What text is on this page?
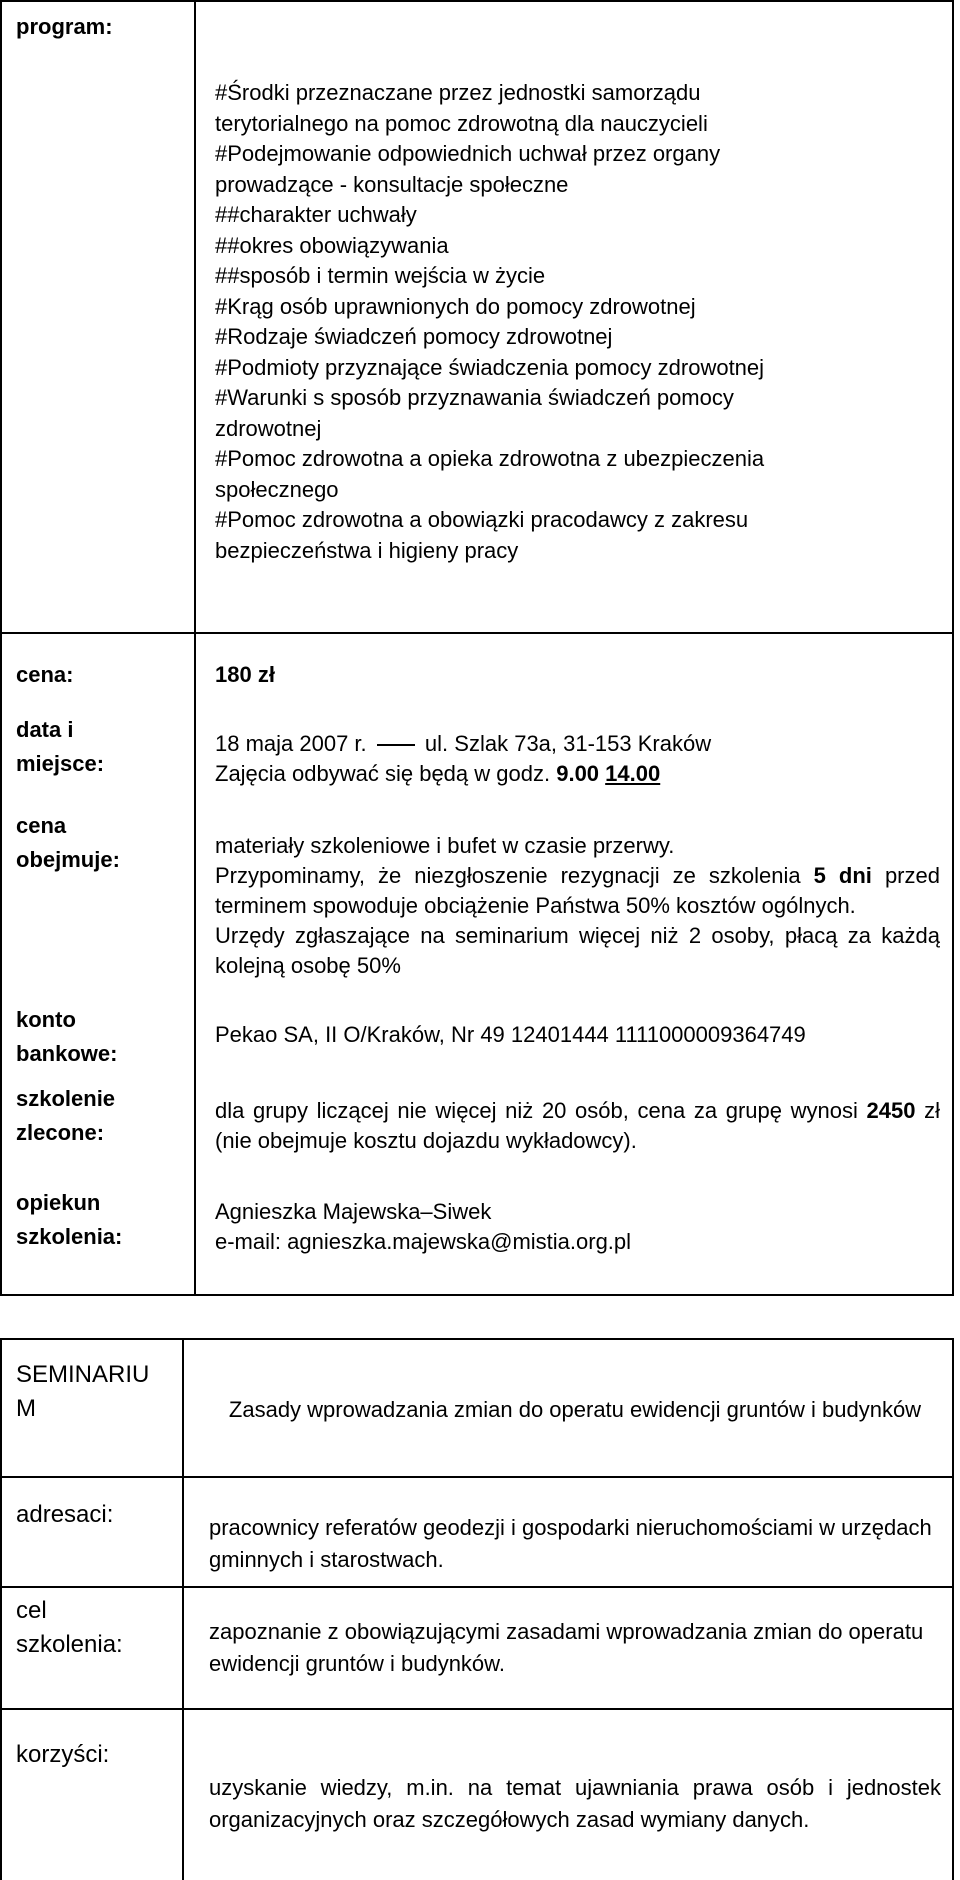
program:
#Środki przeznaczane przez jednostki samorządu
terytorialnego na pomoc zdrowotną dla nauczycieli
#Podejmowanie odpowiednich uchwał przez organy
prowadzące - konsultacje społeczne
##charakter uchwały
##okres obowiązywania
##sposób i termin wejścia w życie
#Krąg osób uprawnionych do pomocy zdrowotnej
#Rodzaje świadczeń pomocy zdrowotnej
#Podmioty przyznające świadczenia pomocy zdrowotnej
#Warunki s sposób przyznawania świadczeń pomocy
zdrowotnej
#Pomoc zdrowotna a opieka zdrowotna z ubezpieczenia
społecznego
#Pomoc zdrowotna a obowiązki pracodawcy z zakresu
bezpieczeństwa i higieny pracy
cena:	180 zł
data i
miejsce:
18 maja 2007 r.	ul. Szlak 73a, 31-153 Kraków
Zajęcia odbywać się będą w godz. 9.00 14.00
cena
obejmuje:
materiały szkoleniowe i bufet w czasie przerwy.
Przypominamy, że niezgłoszenie rezygnacji ze szkolenia 5 dni przed terminem spowoduje obciążenie Państwa 50% kosztów ogólnych.
Urzędy zgłaszające na seminarium więcej niż 2 osoby, płacą za każdą kolejną osobę 50%
konto
bankowe:
Pekao SA, II O/Kraków, Nr 49 12401444 1111000009364749
szkolenie
zlecone:
dla grupy liczącej nie więcej niż 20 osób, cena za grupę wynosi 2450 zł (nie obejmuje kosztu dojazdu wykładowcy).
opiekun
szkolenia:
Agnieszka Majewska–Siwek
e-mail: agnieszka.majewska@mistia.org.pl
SEMINARIU
M	Zasady wprowadzania zmian do operatu ewidencji gruntów i budynków
adresaci:	pracownicy referatów geodezji i gospodarki nieruchomościami w urzędach gminnych i starostwach.
cel
szkolenia:	zapoznanie z obowiązującymi zasadami wprowadzania zmian do operatu ewidencji gruntów i budynków.
korzyści:
uzyskanie wiedzy, m.in. na temat ujawniania prawa osób i jednostek organizacyjnych oraz szczegółowych zasad wymiany danych.
